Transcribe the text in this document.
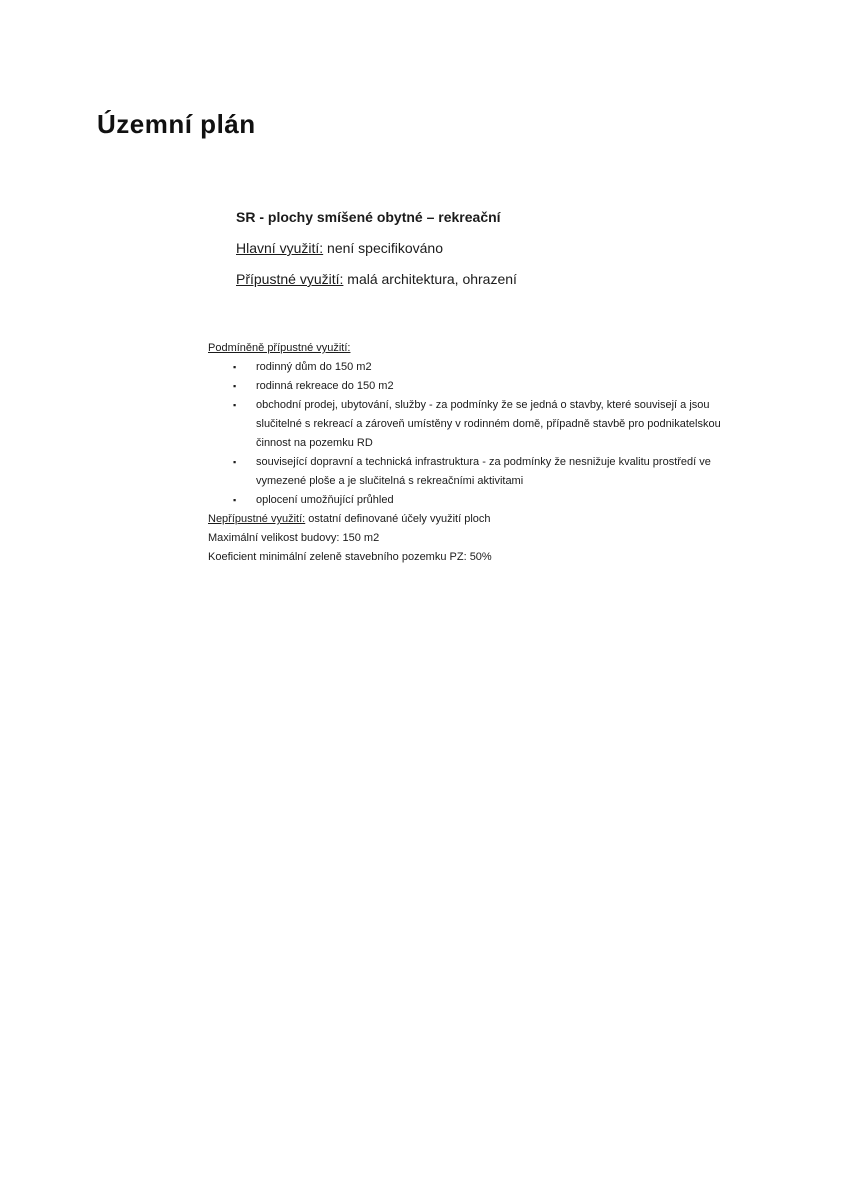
Územní plán
SR - plochy smíšené obytné – rekreační
Hlavní využití: není specifikováno
Přípustné využití: malá architektura, ohrazení
Podmíněně přípustné využití:
▪ rodinný dům do 150 m2
▪ rodinná rekreace do 150 m2
▪ obchodní prodej, ubytování, služby - za podmínky že se jedná o stavby, které souvisejí a jsou slučitelné s rekreací a zároveň umístěny v rodinném domě, případně stavbě pro podnikatelskou činnost na pozemku RD
▪ související dopravní a technická infrastruktura - za podmínky že nesnižuje kvalitu prostředí ve vymezené ploše a je slučitelná s rekreačními aktivitami
▪ oplocení umožňující průhled
Nepřípustné využití: ostatní definované účely využití ploch
Maximální velikost budovy: 150 m2
Koeficient minimální zeleně stavebního pozemku PZ: 50%
